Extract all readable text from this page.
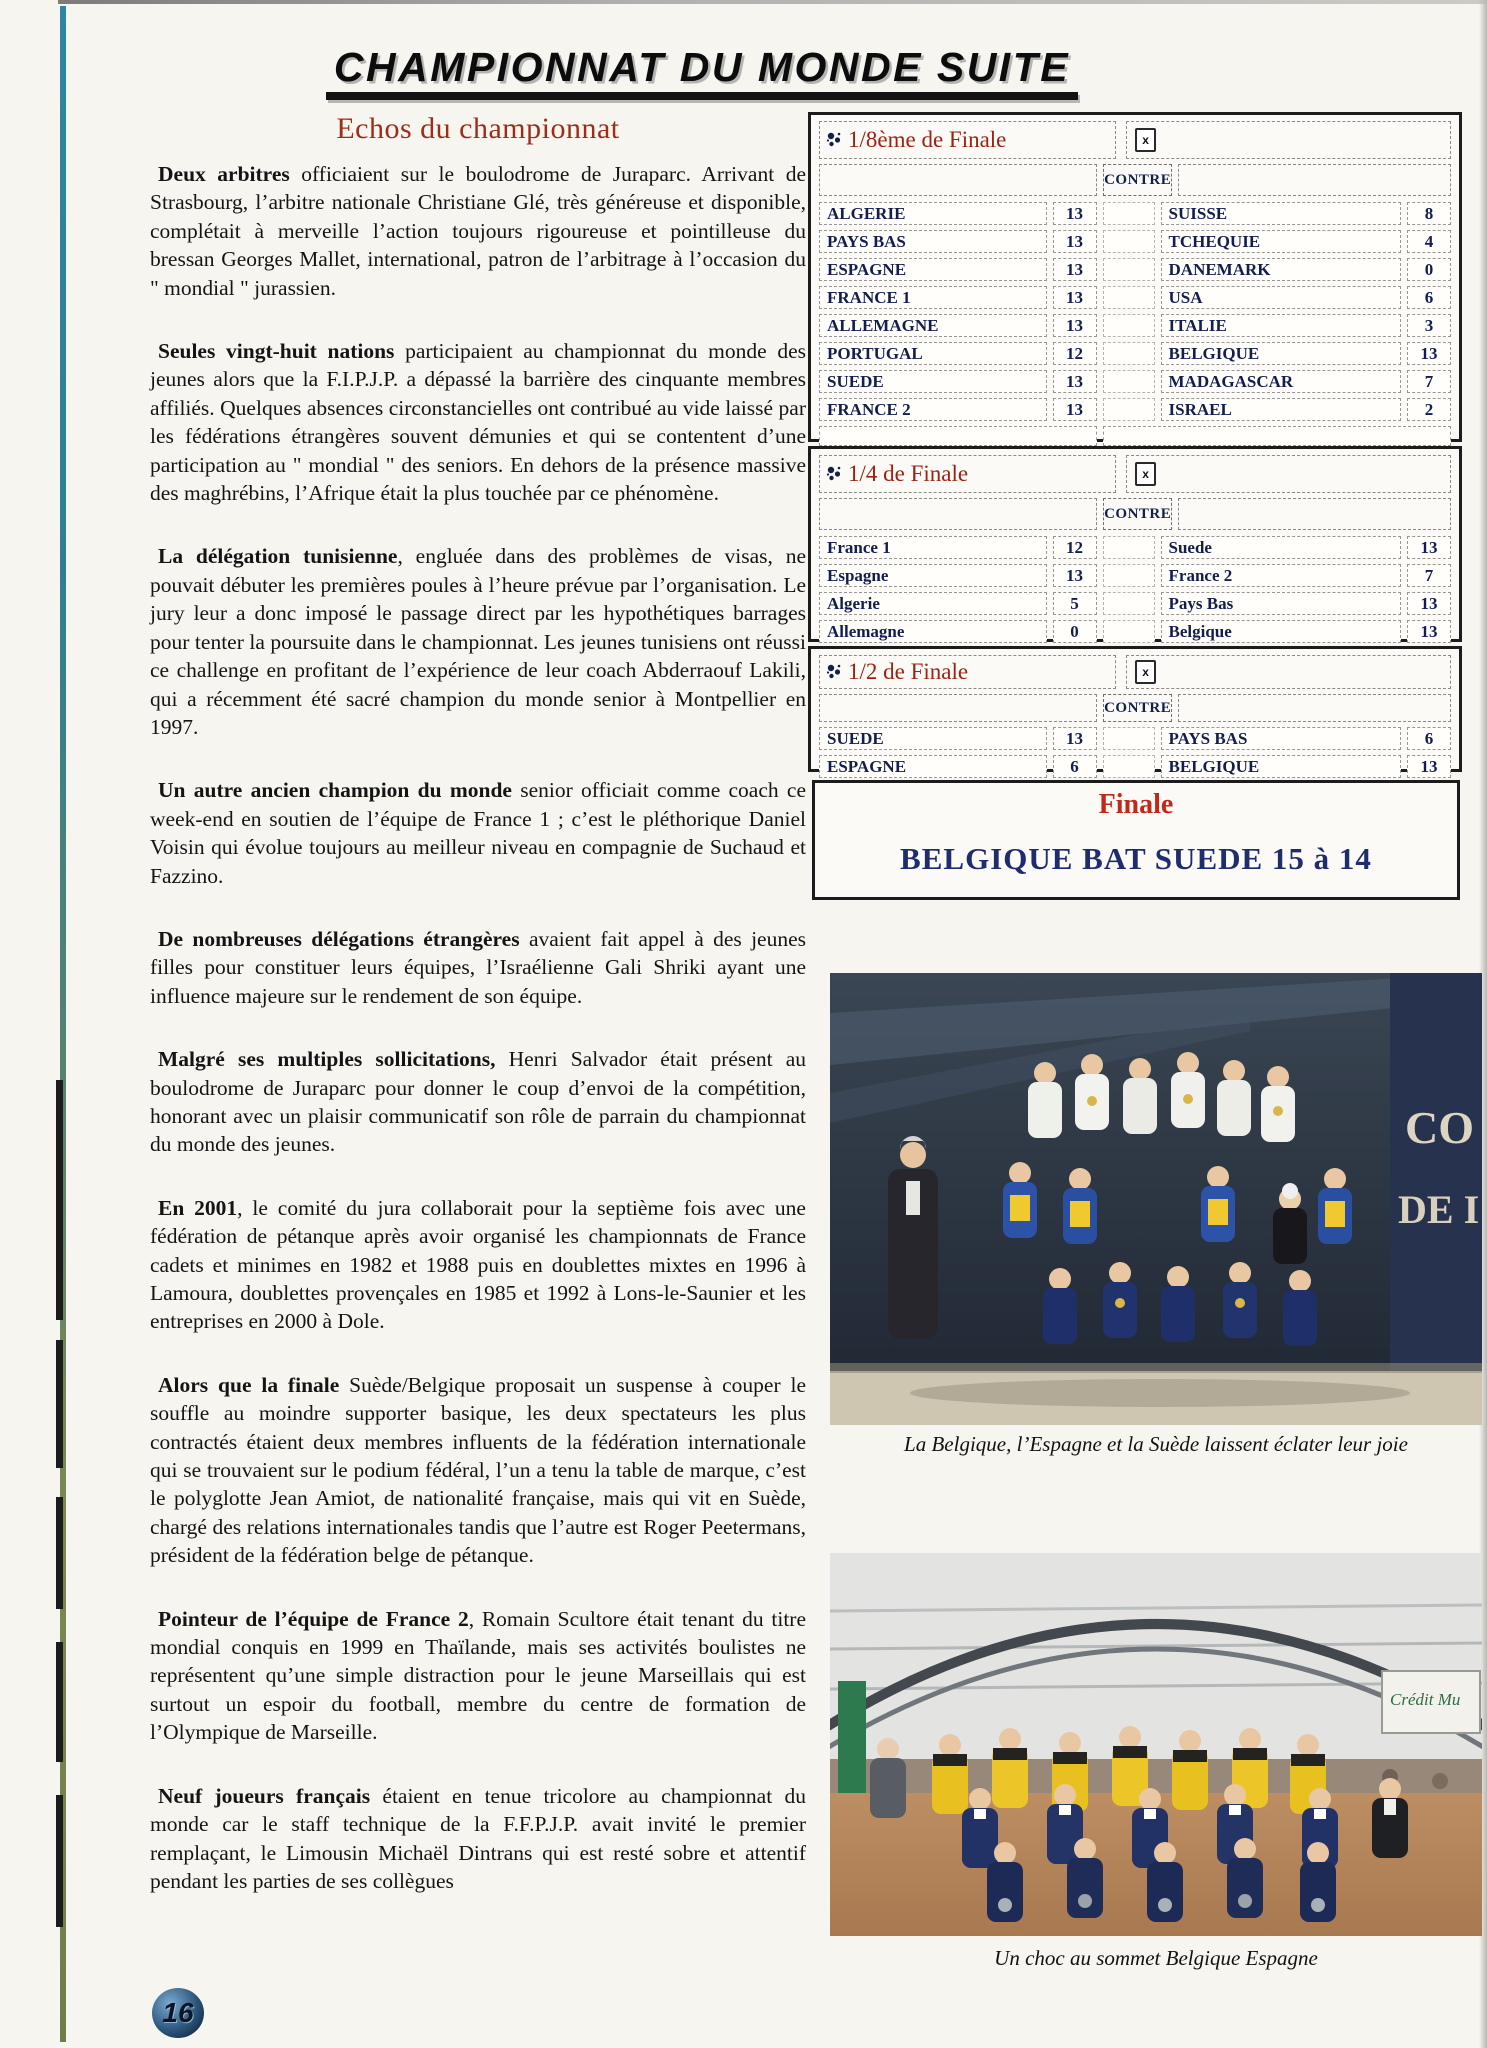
CHAMPIONNAT DU MONDE SUITE
Echos du championnat

Deux arbitres officiaient sur le boulodrome de Juraparc. Arrivant de Strasbourg, l’arbitre nationale Christiane Glé, très généreuse et disponible, complétait à merveille l’action toujours rigoureuse et pointilleuse du bressan Georges Mallet, international, patron de l’arbitrage à l’occasion du " mondial " jurassien.

Seules vingt-huit nations participaient au championnat du monde des jeunes alors que la F.I.P.J.P. a dépassé la barrière des cinquante membres affiliés. Quelques absences circonstancielles ont contribué au vide laissé par les fédérations étrangères souvent démunies et qui se contentent d’une participation au " mondial " des seniors. En dehors de la présence massive des maghrébins, l’Afrique était la plus touchée par ce phénomène.

La délégation tunisienne, engluée dans des problèmes de visas, ne pouvait débuter les premières poules à l’heure prévue par l’organisation. Le jury leur a donc imposé le passage direct par les hypothétiques barrages pour tenter la poursuite dans le championnat. Les jeunes tunisiens ont réussi ce challenge en profitant de l’expérience de leur coach Abderraouf Lakili, qui a récemment été sacré champion du monde senior à Montpellier en 1997.

Un autre ancien champion du monde senior officiait comme coach ce week-end en soutien de l’équipe de France 1 ; c’est le pléthorique Daniel Voisin qui évolue toujours au meilleur niveau en compagnie de Suchaud et Fazzino.

De nombreuses délégations étrangères avaient fait appel à des jeunes filles pour constituer leurs équipes, l’Israélienne Gali Shriki ayant une influence majeure sur le rendement de son équipe.

Malgré ses multiples sollicitations, Henri Salvador était présent au boulodrome de Juraparc pour donner le coup d’envoi de la compétition, honorant avec un plaisir communicatif son rôle de parrain du championnat du monde des jeunes.

En 2001, le comité du jura collaborait pour la septième fois avec une fédération de pétanque après avoir organisé les championnats de France cadets et minimes en 1982 et 1988 puis en doublettes mixtes en 1996 à Lamoura, doublettes provençales en 1985 et 1992 à Lons-le-Saunier et les entreprises en 2000 à Dole.

Alors que la finale Suède/Belgique proposait un suspense à couper le souffle au moindre supporter basique, les deux spectateurs les plus contractés étaient deux membres influents de la fédération internationale qui se trouvaient sur le podium fédéral, l’un a tenu la table de marque, c’est le polyglotte Jean Amiot, de nationalité française, mais qui vit en Suède, chargé des relations internationales tandis que l’autre est Roger Peetermans, président de la fédération belge de pétanque.

Pointeur de l’équipe de France 2, Romain Scultore était tenant du titre mondial conquis en 1999 en Thaïlande, mais ses activités boulistes ne représentent qu’une simple distraction pour le jeune Marseillais qui est surtout un espoir du football, membre du centre de formation de l’Olympique de Marseille.

Neuf joueurs français étaient en tenue tricolore au championnat du monde car le staff technique de la F.F.P.J.P. avait invité le premier remplaçant, le Limousin Michaël Dintrans qui est resté sobre et attentif pendant les parties de ses collègues

1/8ème de Finale	x
CONTRE
ALGERIE	13	SUISSE	8
PAYS BAS	13	TCHEQUIE	4
ESPAGNE	13	DANEMARK	0
FRANCE 1	13	USA	6
ALLEMAGNE	13	ITALIE	3
PORTUGAL	12	BELGIQUE	13
SUEDE	13	MADAGASCAR	7
FRANCE 2	13	ISRAEL	2
1/4 de Finale	x
CONTRE
France 1	12	Suede	13
Espagne	13	France 2	7
Algerie	5	Pays Bas	13
Allemagne	0	Belgique	13
1/2 de Finale	x
CONTRE
SUEDE	13	PAYS BAS	6
ESPAGNE	6	BELGIQUE	13
Finale
BELGIQUE BAT SUEDE 15 à 14
CO
DE I
La Belgique, l’Espagne et la Suède laissent éclater leur joie
Crédit Mu
Un choc au sommet Belgique Espagne
16
